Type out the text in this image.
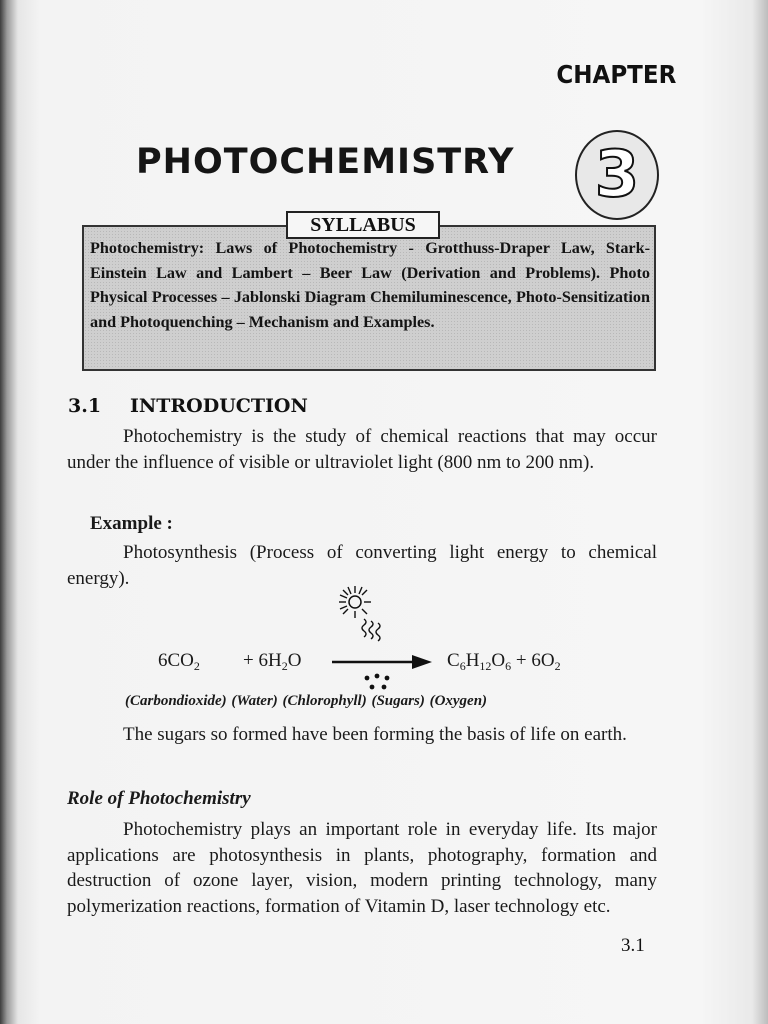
CHAPTER
PHOTOCHEMISTRY 3
SYLLABUS
Photochemistry: Laws of Photochemistry - Grotthuss-Draper Law, Stark-Einstein Law and Lambert – Beer Law (Derivation and Problems). Photo Physical Processes – Jablonski Diagram Chemiluminescence, Photo-Sensitization and Photoquenching – Mechanism and Examples.
3.1 INTRODUCTION
Photochemistry is the study of chemical reactions that may occur under the influence of visible or ultraviolet light (800 nm to 200 nm).
Example :
Photosynthesis (Process of converting light energy to chemical energy).
$6CO_2 + 6H_2O$	$C_6H_{12}O_6 + 6O_2$
(Carbondioxide) (Water) (Chlorophyll) (Sugars) (Oxygen)
The sugars so formed have been forming the basis of life on earth.
Role of Photochemistry
Photochemistry plays an important role in everyday life. Its major applications are photosynthesis in plants, photography, formation and destruction of ozone layer, vision, modern printing technology, many polymerization reactions, formation of Vitamin D, laser technology etc.
3.1
